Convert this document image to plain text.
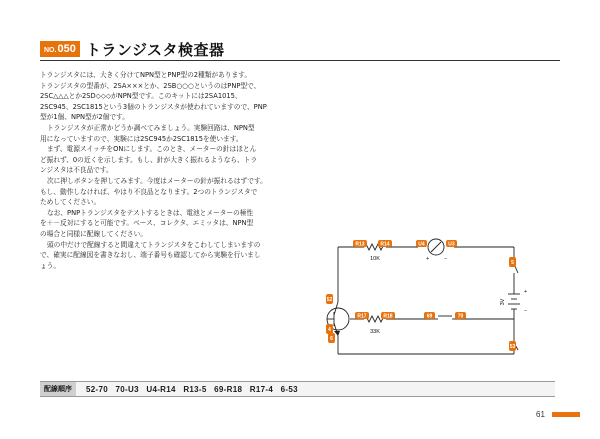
NO. 050 トランジスタ検査器

トランジスタには、大きく分けてNPN型とPNP型の2種類があります。

トランジスタの型番が、2SA×××とか、2SB○○○というのはPNP型で、

2SC△△△とか2SD◇◇◇がNPN型です。このキットには2SA1015、

2SC945、2SC1815という3個のトランジスタが使われていますので、PNP

型が1個、NPN型が2個です。

トランジスタが正常かどうか調べてみましょう。実験回路は、NPN型

用になっていますので、実験には2SC945か2SC1815を使います。

まず、電源スイッチをONにします。このとき、メーターの針はほとん

ど振れず、0の近くを示します。もし、針が大きく振れるようなら、トラ

ンジスタは不良品です。

次に押しボタンを押してみます。今度はメーターの針が振れるはずです。

もし、動作しなければ、やはり不良品となります。2つのトランジスタで

ためしてください。

なお、PNPトランジスタをテストするときは、電池とメーターの極性

を＋－反対にすると可能です。ベース、コレクタ、エミッタは、NPN型

の場合と同様に配線してください。

頭の中だけで配線すると間違えてトランジスタをこわしてしまいますの

で、確実に配線図を書きなおし、端子番号も確認してから実験を行いまし

ょう。

R13	R14	U4	U3
R17	R18	69	70
52
4
6
53
5
10K
33K
3V
+
−
+	−
配線順序	52-70   70-U3   U4-R14   R13-5   69-R18   R17-4   6-53
61
